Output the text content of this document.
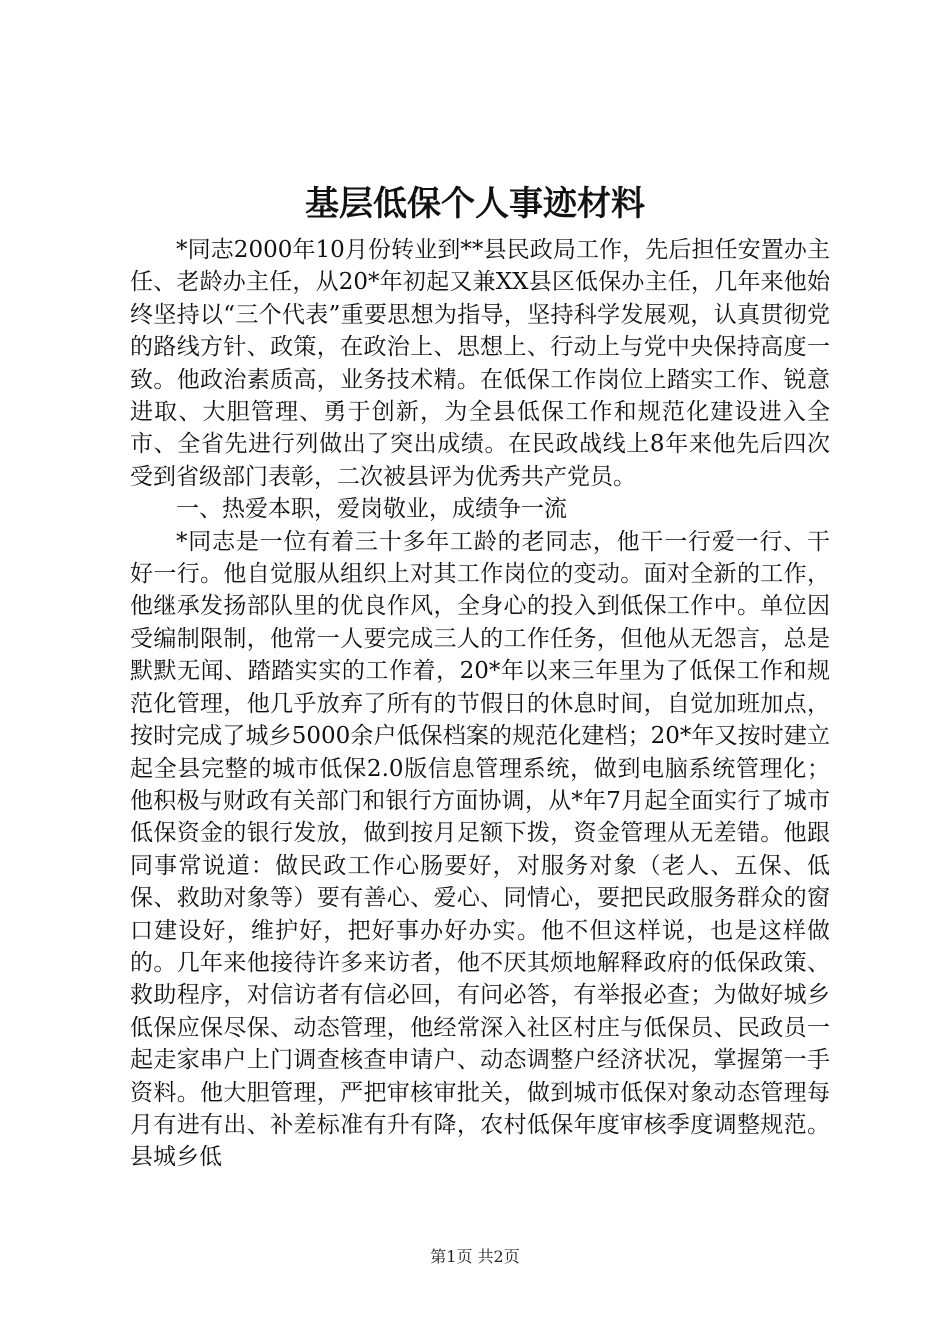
基层低保个人事迹材料

*同志2000年10月份转业到**县民政局工作，先后担任安置办主任、老龄办主任，从20*年初起又兼XX县区低保办主任，几年来他始终坚持以“三个代表”重要思想为指导，坚持科学发展观，认真贯彻党的路线方针、政策，在政治上、思想上、行动上与党中央保持高度一致。他政治素质高，业务技术精。在低保工作岗位上踏实工作、锐意进取、大胆管理、勇于创新，为全县低保工作和规范化建设进入全市、全省先进行列做出了突出成绩。在民政战线上8年来他先后四次受到省级部门表彰，二次被县评为优秀共产党员。

一、热爱本职，爱岗敬业，成绩争一流

*同志是一位有着三十多年工龄的老同志，他干一行爱一行、干好一行。他自觉服从组织上对其工作岗位的变动。面对全新的工作，他继承发扬部队里的优良作风，全身心的投入到低保工作中。单位因受编制限制，他常一人要完成三人的工作任务，但他从无怨言，总是默默无闻、踏踏实实的工作着，20*年以来三年里为了低保工作和规范化管理，他几乎放弃了所有的节假日的休息时间，自觉加班加点，按时完成了城乡5000余户低保档案的规范化建档；20*年又按时建立起全县完整的城市低保2.0版信息管理系统，做到电脑系统管理化；他积极与财政有关部门和银行方面协调，从*年7月起全面实行了城市低保资金的银行发放，做到按月足额下拨，资金管理从无差错。他跟同事常说道：做民政工作心肠要好，对服务对象（老人、五保、低保、救助对象等）要有善心、爱心、同情心，要把民政服务群众的窗口建设好，维护好，把好事办好办实。他不但这样说，也是这样做的。几年来他接待许多来访者，他不厌其烦地解释政府的低保政策、救助程序，对信访者有信必回，有问必答，有举报必查；为做好城乡低保应保尽保、动态管理，他经常深入社区村庄与低保员、民政员一起走家串户上门调查核查申请户、动态调整户经济状况，掌握第一手资料。他大胆管理，严把审核审批关，做到城市低保对象动态管理每月有进有出、补差标准有升有降，农村低保年度审核季度调整规范。县城乡低

第1页 共2页
